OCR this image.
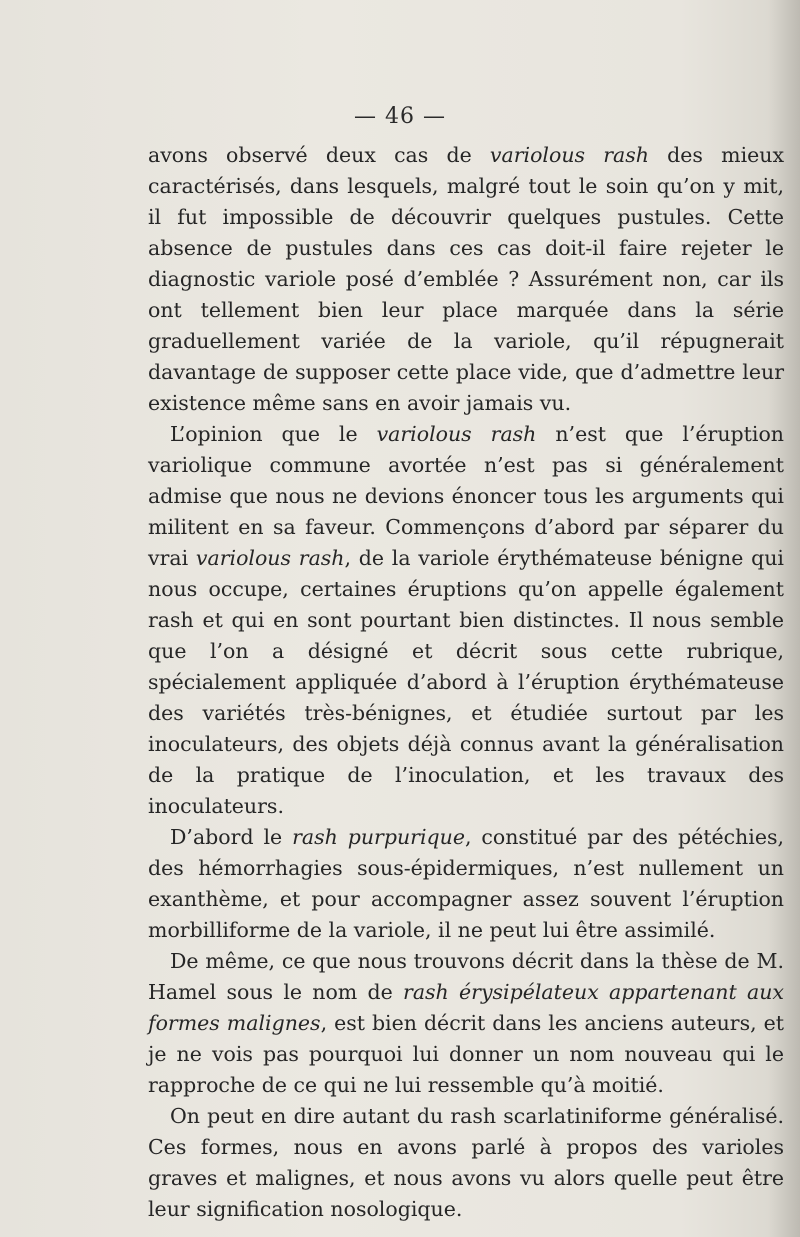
— 46 —

avons observé deux cas de variolous rash des mieux caractérisés, dans lesquels, malgré tout le soin qu’on y mit, il fut impossible de découvrir quelques pustules. Cette absence de pustules dans ces cas doit-il faire rejeter le diagnostic variole posé d’emblée ? Assurément non, car ils ont tellement bien leur place marquée dans la série graduellement variée de la variole, qu’il répugnerait davantage de supposer cette place vide, que d’admettre leur existence même sans en avoir jamais vu.

L’opinion que le variolous rash n’est que l’éruption variolique commune avortée n’est pas si généralement admise que nous ne devions énoncer tous les arguments qui militent en sa faveur. Commençons d’abord par séparer du vrai variolous rash, de la variole érythémateuse bénigne qui nous occupe, certaines éruptions qu’on appelle également rash et qui en sont pourtant bien distinctes. Il nous semble que l’on a désigné et décrit sous cette rubrique, spécialement appliquée d’abord à l’éruption érythémateuse des variétés très-bénignes, et étudiée surtout par les inoculateurs, des objets déjà connus avant la généralisation de la pratique de l’inoculation, et les travaux des inoculateurs.

D’abord le rash purpurique, constitué par des pétéchies, des hémorrhagies sous-épidermiques, n’est nullement un exanthème, et pour accompagner assez souvent l’éruption morbilliforme de la variole, il ne peut lui être assimilé.

De même, ce que nous trouvons décrit dans la thèse de M. Hamel sous le nom de rash érysipélateux appartenant aux formes malignes, est bien décrit dans les anciens auteurs, et je ne vois pas pourquoi lui donner un nom nouveau qui le rapproche de ce qui ne lui ressemble qu’à moitié.

On peut en dire autant du rash scarlatiniforme généralisé. Ces formes, nous en avons parlé à propos des varioles graves et malignes, et nous avons vu alors quelle peut être leur signification nosologique.
